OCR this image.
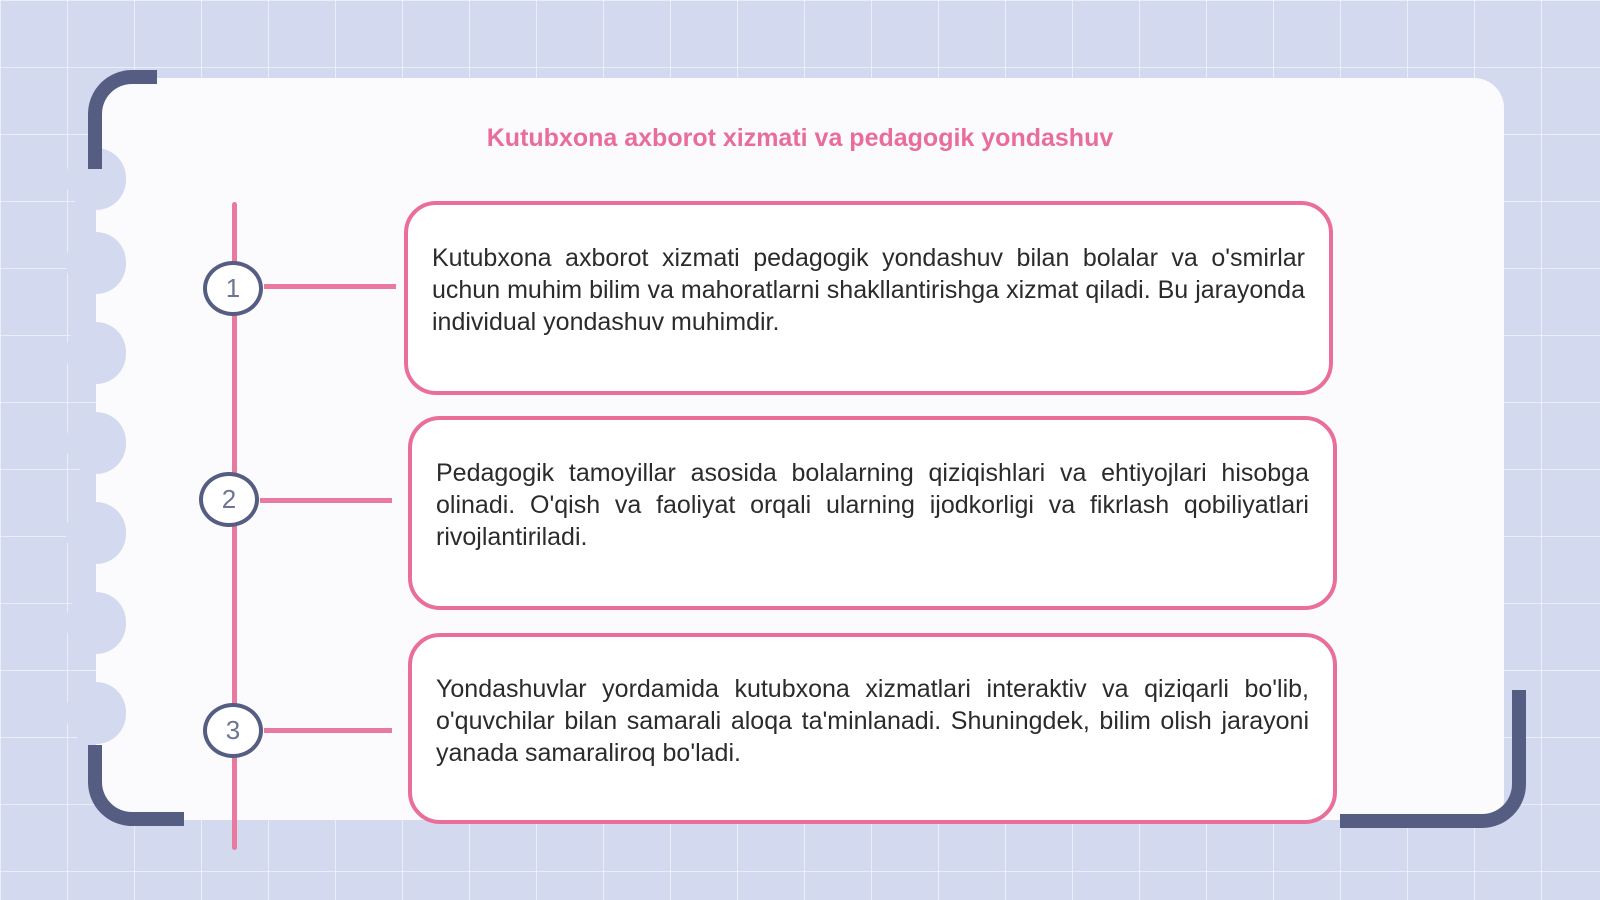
Kutubxona axborot xizmati va pedagogik yondashuv
1
2
3

Kutubxona axborot xizmati pedagogik yondashuv bilan bolalar va o'smirlar uchun muhim bilim va mahoratlarni shakllantirishga xizmat qiladi. Bu jarayonda individual yondashuv muhimdir.

Pedagogik tamoyillar asosida bolalarning qiziqishlari va ehtiyojlari hisobga olinadi. O'qish va faoliyat orqali ularning ijodkorligi va fikrlash qobiliyatlari rivojlantiriladi.

Yondashuvlar yordamida kutubxona xizmatlari interaktiv va qiziqarli bo'lib, o'quvchilar bilan samarali aloqa ta'minlanadi. Shuningdek, bilim olish jarayoni yanada samaraliroq bo'ladi.
